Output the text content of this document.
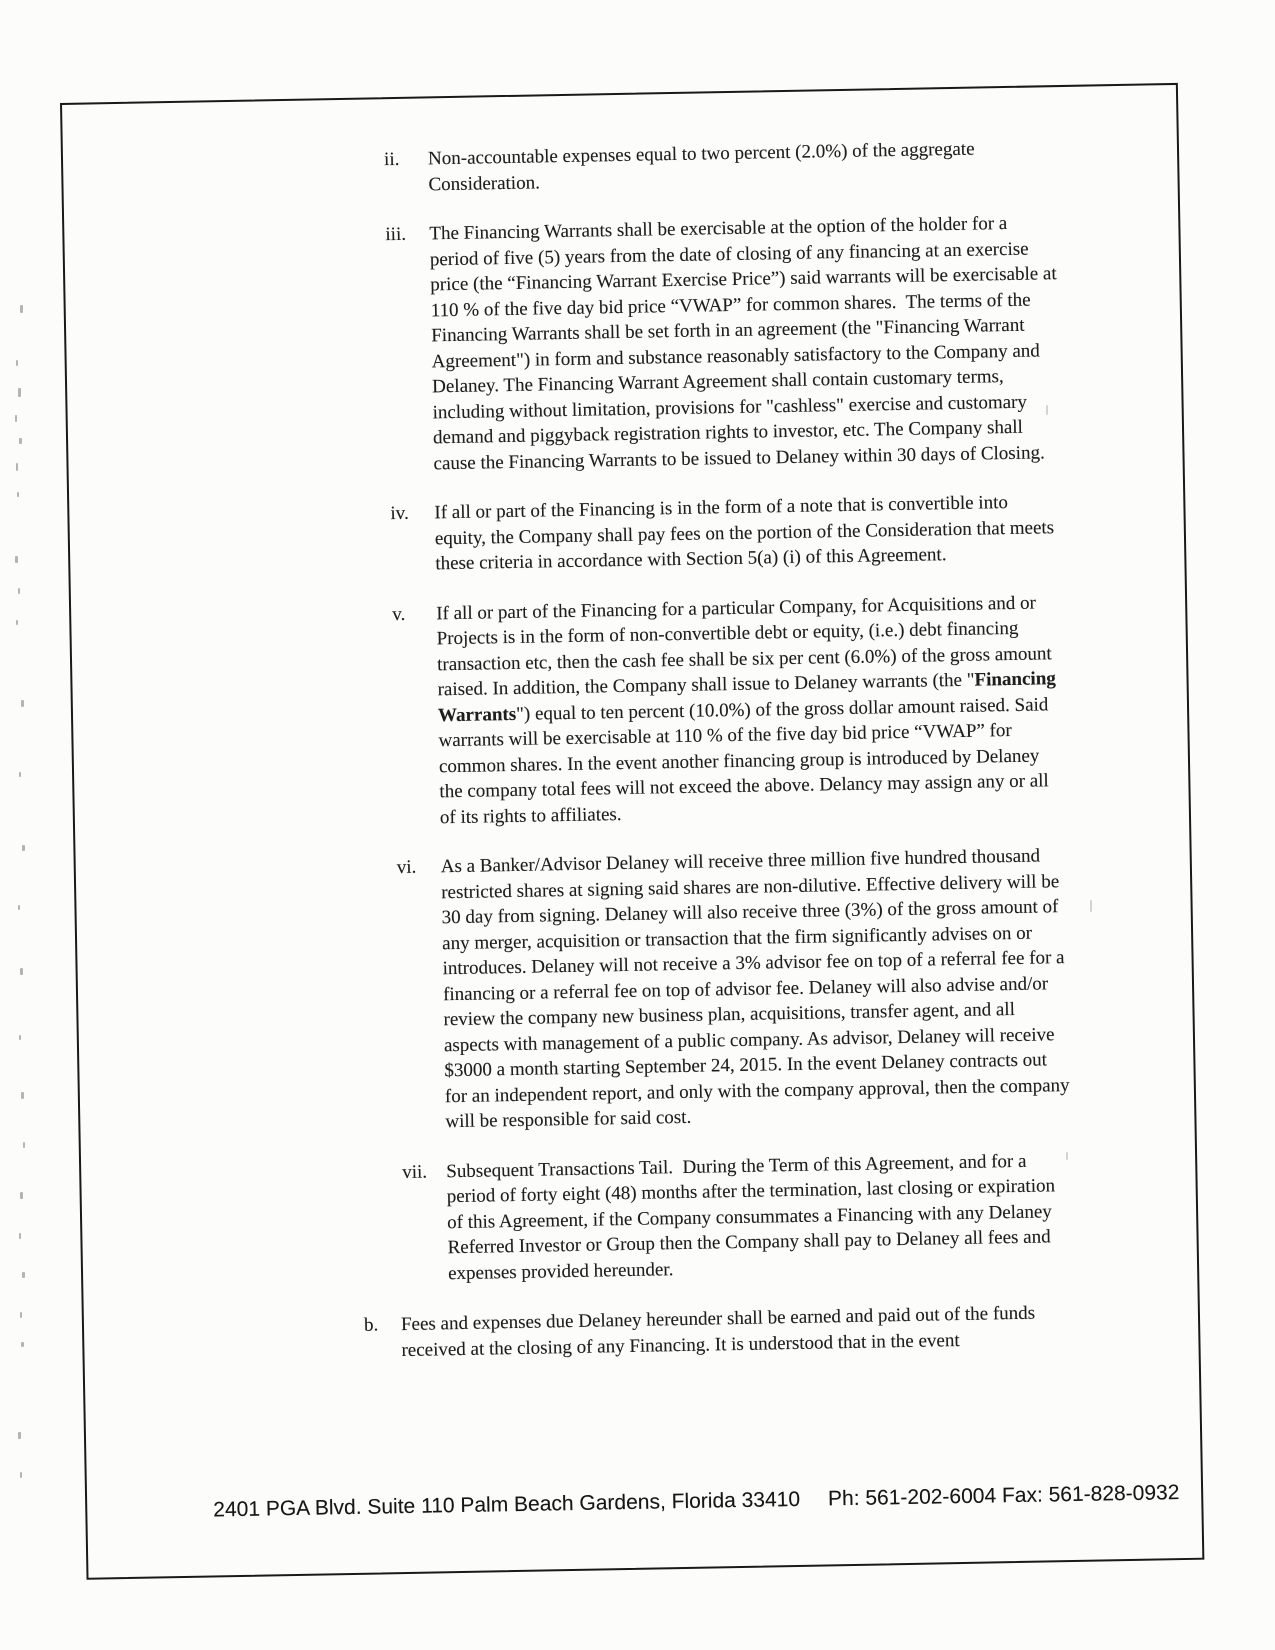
ii.	Non-accountable expenses equal to two percent (2.0%) of the aggregate Consideration.
iii.	The Financing Warrants shall be exercisable at the option of the holder for a period of five (5) years from the date of closing of any financing at an exercise price (the “Financing Warrant Exercise Price”) said warrants will be exercisable at 110 % of the five day bid price “VWAP” for common shares.  The terms of the Financing Warrants shall be set forth in an agreement (the "Financing Warrant Agreement") in form and substance reasonably satisfactory to the Company and Delaney. The Financing Warrant Agreement shall contain customary terms, including without limitation, provisions for "cashless" exercise and customary demand and piggyback registration rights to investor, etc. The Company shall cause the Financing Warrants to be issued to Delaney within 30 days of Closing.
iv.	If all or part of the Financing is in the form of a note that is convertible into equity, the Company shall pay fees on the portion of the Consideration that meets these criteria in accordance with Section 5(a) (i) of this Agreement.
v.	If all or part of the Financing for a particular Company, for Acquisitions and or Projects is in the form of non-convertible debt or equity, (i.e.) debt financing transaction etc, then the cash fee shall be six per cent (6.0%) of the gross amount raised. In addition, the Company shall issue to Delaney warrants (the "Financing Warrants") equal to ten percent (10.0%) of the gross dollar amount raised. Said warrants will be exercisable at 110 % of the five day bid price “VWAP” for common shares. In the event another financing group is introduced by Delaney the company total fees will not exceed the above. Delancy may assign any or all of its rights to affiliates.
vi.	As a Banker/Advisor Delaney will receive three million five hundred thousand restricted shares at signing said shares are non-dilutive. Effective delivery will be 30 day from signing. Delaney will also receive three (3%) of the gross amount of any merger, acquisition or transaction that the firm significantly advises on or introduces. Delaney will not receive a 3% advisor fee on top of a referral fee for a financing or a referral fee on top of advisor fee. Delaney will also advise and/or review the company new business plan, acquisitions, transfer agent, and all aspects with management of a public company. As advisor, Delaney will receive $3000 a month starting September 24, 2015. In the event Delaney contracts out for an independent report, and only with the company approval, then the company will be responsible for said cost.
vii. Subsequent Transactions Tail.  During the Term of this Agreement, and for a period of forty eight (48) months after the termination, last closing or expiration of this Agreement, if the Company consummates a Financing with any Delaney Referred Investor or Group then the Company shall pay to Delaney all fees and expenses provided hereunder.
b.	Fees and expenses due Delaney hereunder shall be earned and paid out of the funds received at the closing of any Financing. It is understood that in the event
2401 PGA Blvd. Suite 110 Palm Beach Gardens, Florida 33410 Ph: 561-202-6004 Fax: 561-828-0932
